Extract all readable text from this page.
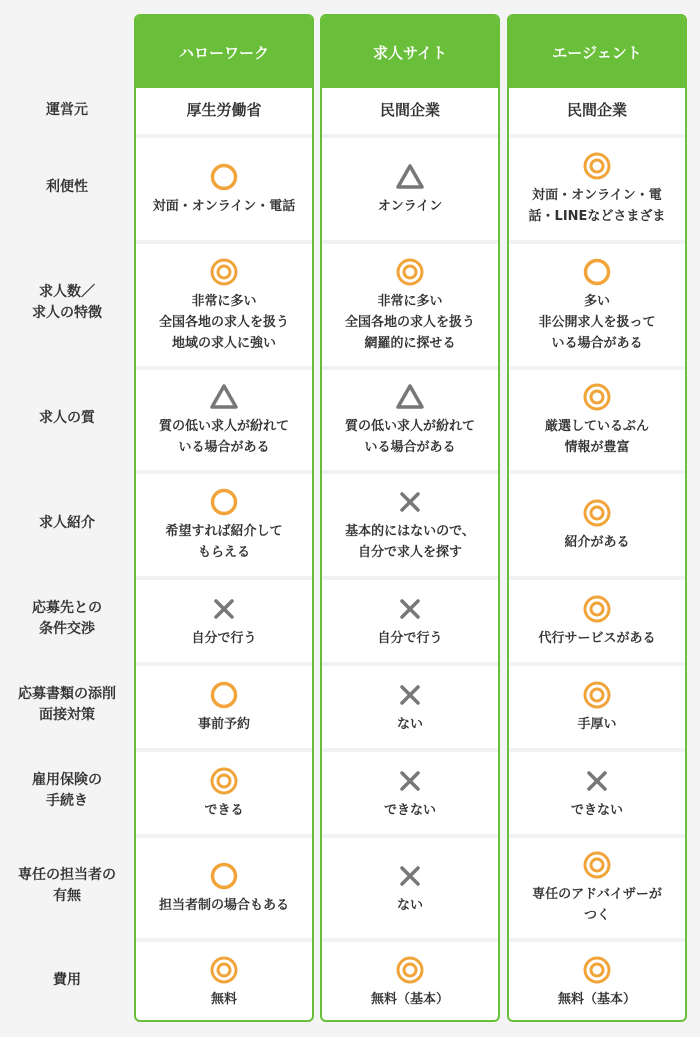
運営元
利便性
求人数／
求人の特徴
求人の質
求人紹介
応募先との
条件交渉
応募書類の添削
面接対策
雇用保険の
手続き
専任の担当者の
有無
費用
ハローワーク
厚生労働省
対面・オンライン・電話
非常に多い
全国各地の求人を扱う
地域の求人に強い
質の低い求人が紛れて
いる場合がある
希望すれば紹介して
もらえる
自分で行う
事前予約
できる
担当者制の場合もある
無料
求人サイト
民間企業
オンライン
非常に多い
全国各地の求人を扱う
網羅的に探せる
質の低い求人が紛れて
いる場合がある
基本的にはないので、
自分で求人を探す
自分で行う
ない
できない
ない
無料（基本）
エージェント
民間企業
対面・オンライン・電
話・LINEなどさまざま
多い
非公開求人を扱って
いる場合がある
厳選しているぶん
情報が豊富
紹介がある
代行サービスがある
手厚い
できない
専任のアドバイザーが
つく
無料（基本）
